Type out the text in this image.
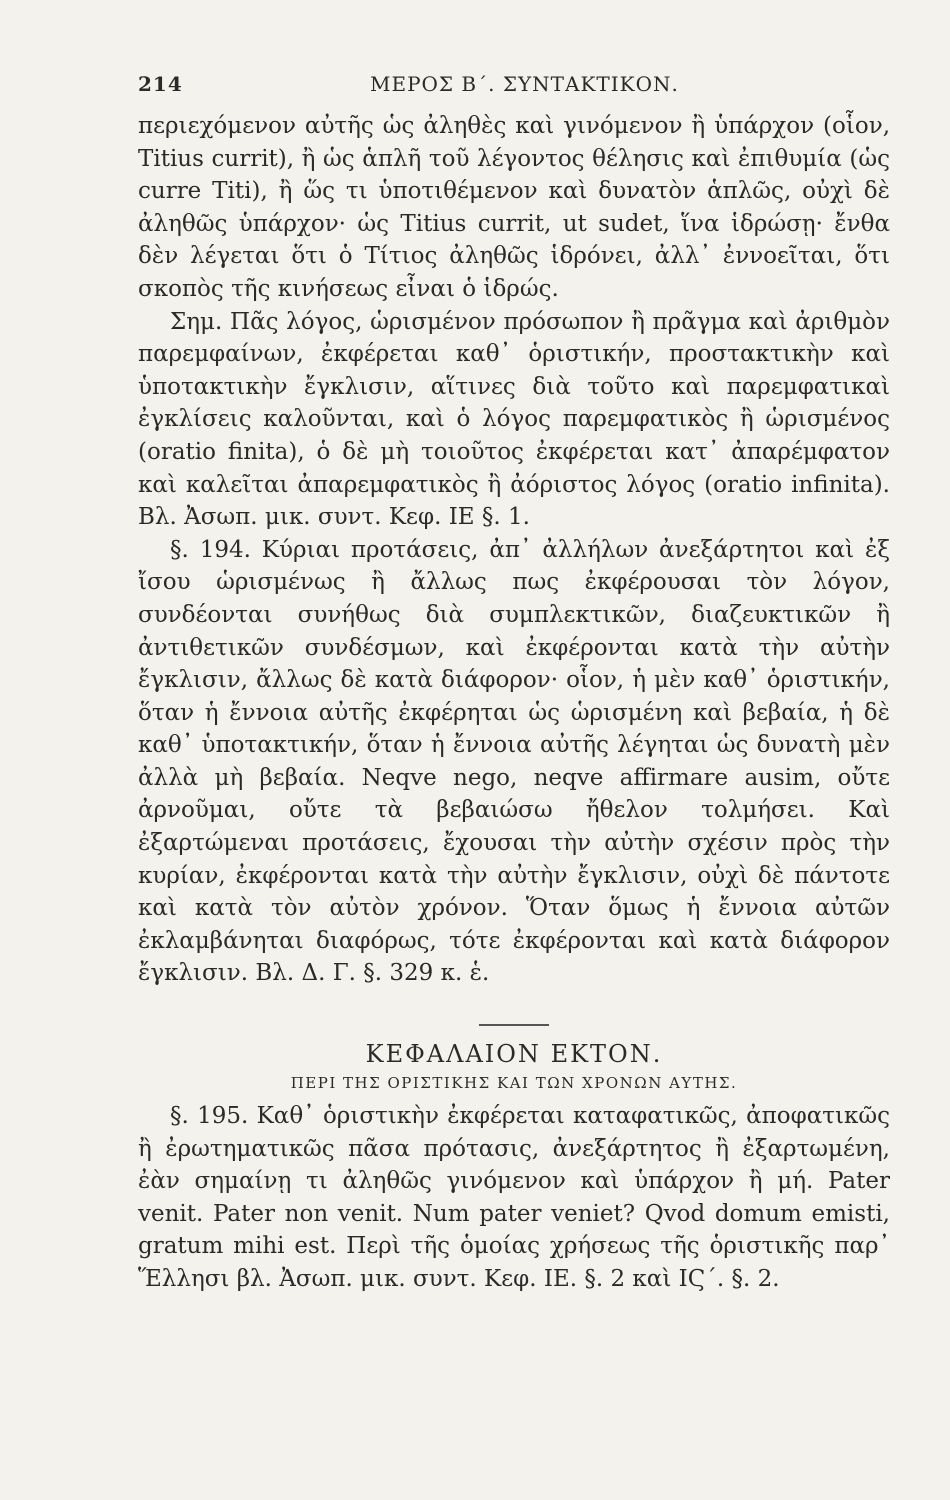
214	ΜΕΡΟΣ Β΄. ΣΥΝΤΑΚΤΙΚΟΝ.

περιεχόμενον αὐτῆς ὡς ἀληθὲς καὶ γινόμενον ἢ ὑπάρχον (οἷον, Titius currit), ἢ ὡς ἁπλῆ τοῦ λέγοντος θέλησις καὶ ἐπιθυμία (ὡς curre Titi), ἢ ὥς τι ὑποτιθέμενον καὶ δυνατὸν ἁπλῶς, οὐχὶ δὲ ἀληθῶς ὑπάρχον· ὡς Titius currit, ut sudet, ἵνα ἱδρώσῃ· ἔνθα δὲν λέγεται ὅτι ὁ Τίτιος ἀληθῶς ἱδρόνει, ἀλλ᾽ ἐννοεῖται, ὅτι σκοπὸς τῆς κινήσεως εἶναι ὁ ἱδρώς.

Σημ. Πᾶς λόγος, ὡρισμένον πρόσωπον ἢ πρᾶγμα καὶ ἀριθμὸν παρεμφαίνων, ἐκφέρεται καθ᾽ ὁριστικήν, προστακτικὴν καὶ ὑποτακτικὴν ἔγκλισιν, αἵτινες διὰ τοῦτο καὶ παρεμφατικαὶ ἐγκλίσεις καλοῦνται, καὶ ὁ λόγος παρεμφατικὸς ἢ ὡρισμένος (oratio finita), ὁ δὲ μὴ τοιοῦτος ἐκφέρεται κατ᾽ ἀπαρέμφατον καὶ καλεῖται ἀπαρεμφατικὸς ἢ ἀόριστος λόγος (oratio infinita). Βλ. Ἀσωπ. μικ. συντ. Κεφ. ΙΕ §. 1.

§. 194. Κύριαι προτάσεις, ἀπ᾽ ἀλλήλων ἀνεξάρτητοι καὶ ἐξ ἴσου ὡρισμένως ἢ ἄλλως πως ἐκφέρουσαι τὸν λόγον, συνδέονται συνήθως διὰ συμπλεκτικῶν, διαζευκτικῶν ἢ ἀντιθετικῶν συνδέσμων, καὶ ἐκφέρονται κατὰ τὴν αὐτὴν ἔγκλισιν, ἄλλως δὲ κατὰ διάφορον· οἷον, ἡ μὲν καθ᾽ ὁριστικήν, ὅταν ἡ ἔννοια αὐτῆς ἐκφέρηται ὡς ὡρισμένη καὶ βεβαία, ἡ δὲ καθ᾽ ὑποτακτικήν, ὅταν ἡ ἔννοια αὐτῆς λέγηται ὡς δυνατὴ μὲν ἀλλὰ μὴ βεβαία. Neqve nego, neqve affirmare ausim, οὔτε ἀρνοῦμαι, οὔτε τὰ βεβαιώσω ἤθελον τολμήσει. Καὶ ἐξαρτώμεναι προτάσεις, ἔχουσαι τὴν αὐτὴν σχέσιν πρὸς τὴν κυρίαν, ἐκφέρονται κατὰ τὴν αὐτὴν ἔγκλισιν, οὐχὶ δὲ πάντοτε καὶ κατὰ τὸν αὐτὸν χρόνον. Ὅταν ὅμως ἡ ἔννοια αὐτῶν ἐκλαμβάνηται διαφόρως, τότε ἐκφέρονται καὶ κατὰ διάφορον ἔγκλισιν. Βλ. Δ. Γ. §. 329 κ. ἑ.

ΚΕΦΑΛΑΙΟΝ ΕΚΤΟΝ.
ΠΕΡΙ ΤΗΣ ΟΡΙΣΤΙΚΗΣ ΚΑΙ ΤΩΝ ΧΡΟΝΩΝ ΑΥΤΗΣ.

§. 195. Καθ᾽ ὁριστικὴν ἐκφέρεται καταφατικῶς, ἀποφατικῶς ἢ ἐρωτηματικῶς πᾶσα πρότασις, ἀνεξάρτητος ἢ ἐξαρτωμένη, ἐὰν σημαίνῃ τι ἀληθῶς γινόμενον καὶ ὑπάρχον ἢ μή. Pater venit. Pater non venit. Num pater veniet? Qvod domum emisti, gratum mihi est. Περὶ τῆς ὁμοίας χρήσεως τῆς ὁριστικῆς παρ᾽ Ἕλλησι βλ. Ἀσωπ. μικ. συντ. Κεφ. ΙΕ. §. 2 καὶ ΙϚ΄. §. 2.
